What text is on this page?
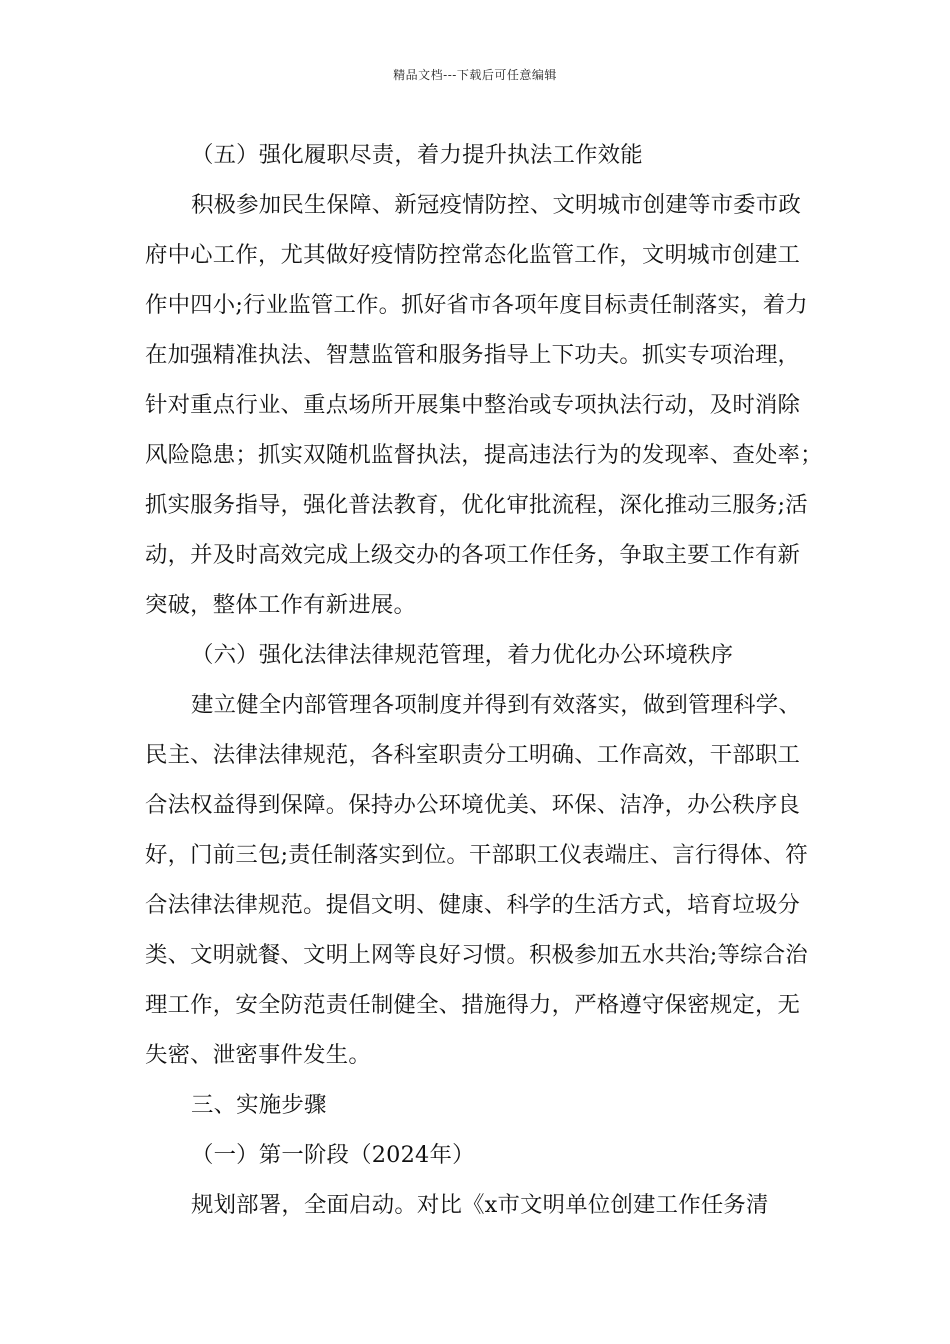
精品文档---下载后可任意编辑
（五）强化履职尽责，着力提升执法工作效能
积极参加民生保障、新冠疫情防控、文明城市创建等市委市政
府中心工作，尤其做好疫情防控常态化监管工作，文明城市创建工
作中四小;行业监管工作。抓好省市各项年度目标责任制落实，着力
在加强精准执法、智慧监管和服务指导上下功夫。抓实专项治理，
针对重点行业、重点场所开展集中整治或专项执法行动，及时消除
风险隐患；抓实双随机监督执法，提高违法行为的发现率、查处率；
抓实服务指导，强化普法教育，优化审批流程，深化推动三服务;活
动，并及时高效完成上级交办的各项工作任务，争取主要工作有新
突破，整体工作有新进展。
（六）强化法律法律规范管理，着力优化办公环境秩序
建立健全内部管理各项制度并得到有效落实，做到管理科学、
民主、法律法律规范，各科室职责分工明确、工作高效，干部职工
合法权益得到保障。保持办公环境优美、环保、洁净，办公秩序良
好，门前三包;责任制落实到位。干部职工仪表端庄、言行得体、符
合法律法律规范。提倡文明、健康、科学的生活方式，培育垃圾分
类、文明就餐、文明上网等良好习惯。积极参加五水共治;等综合治
理工作，安全防范责任制健全、措施得力，严格遵守保密规定，无
失密、泄密事件发生。
三、实施步骤
（一）第一阶段（2024年）
规划部署，全面启动。对比《x市文明单位创建工作任务清
